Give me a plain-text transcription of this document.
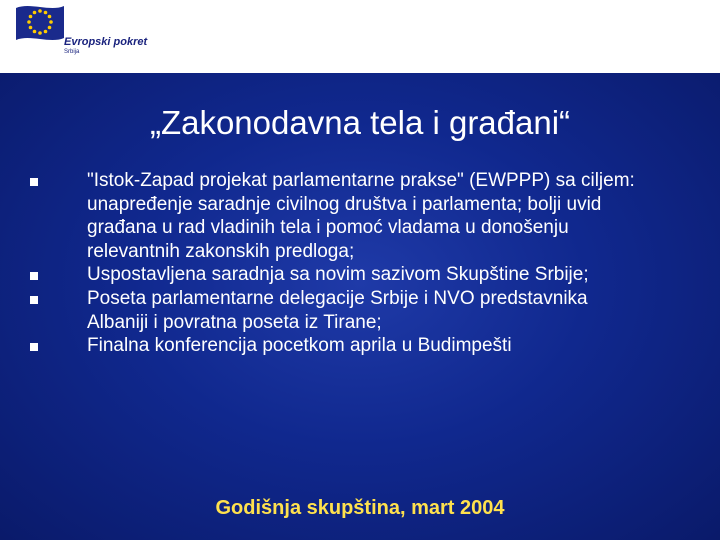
Evropski pokret
Srbija
„Zakonodavna tela i građani“
"Istok-Zapad projekat parlamentarne prakse" (EWPPP) sa ciljem: unapređenje saradnje civilnog društva i parlamenta; bolji uvid građana u rad vladinih tela i pomoć vladama u donošenju relevantnih zakonskih predloga;
Uspostavljena saradnja sa novim sazivom Skupštine Srbije;
Poseta parlamentarne delegacije Srbije i NVO predstavnika Albaniji i povratna poseta iz Tirane;
Finalna konferencija pocetkom aprila u Budimpešti
Godišnja skupština, mart 2004
